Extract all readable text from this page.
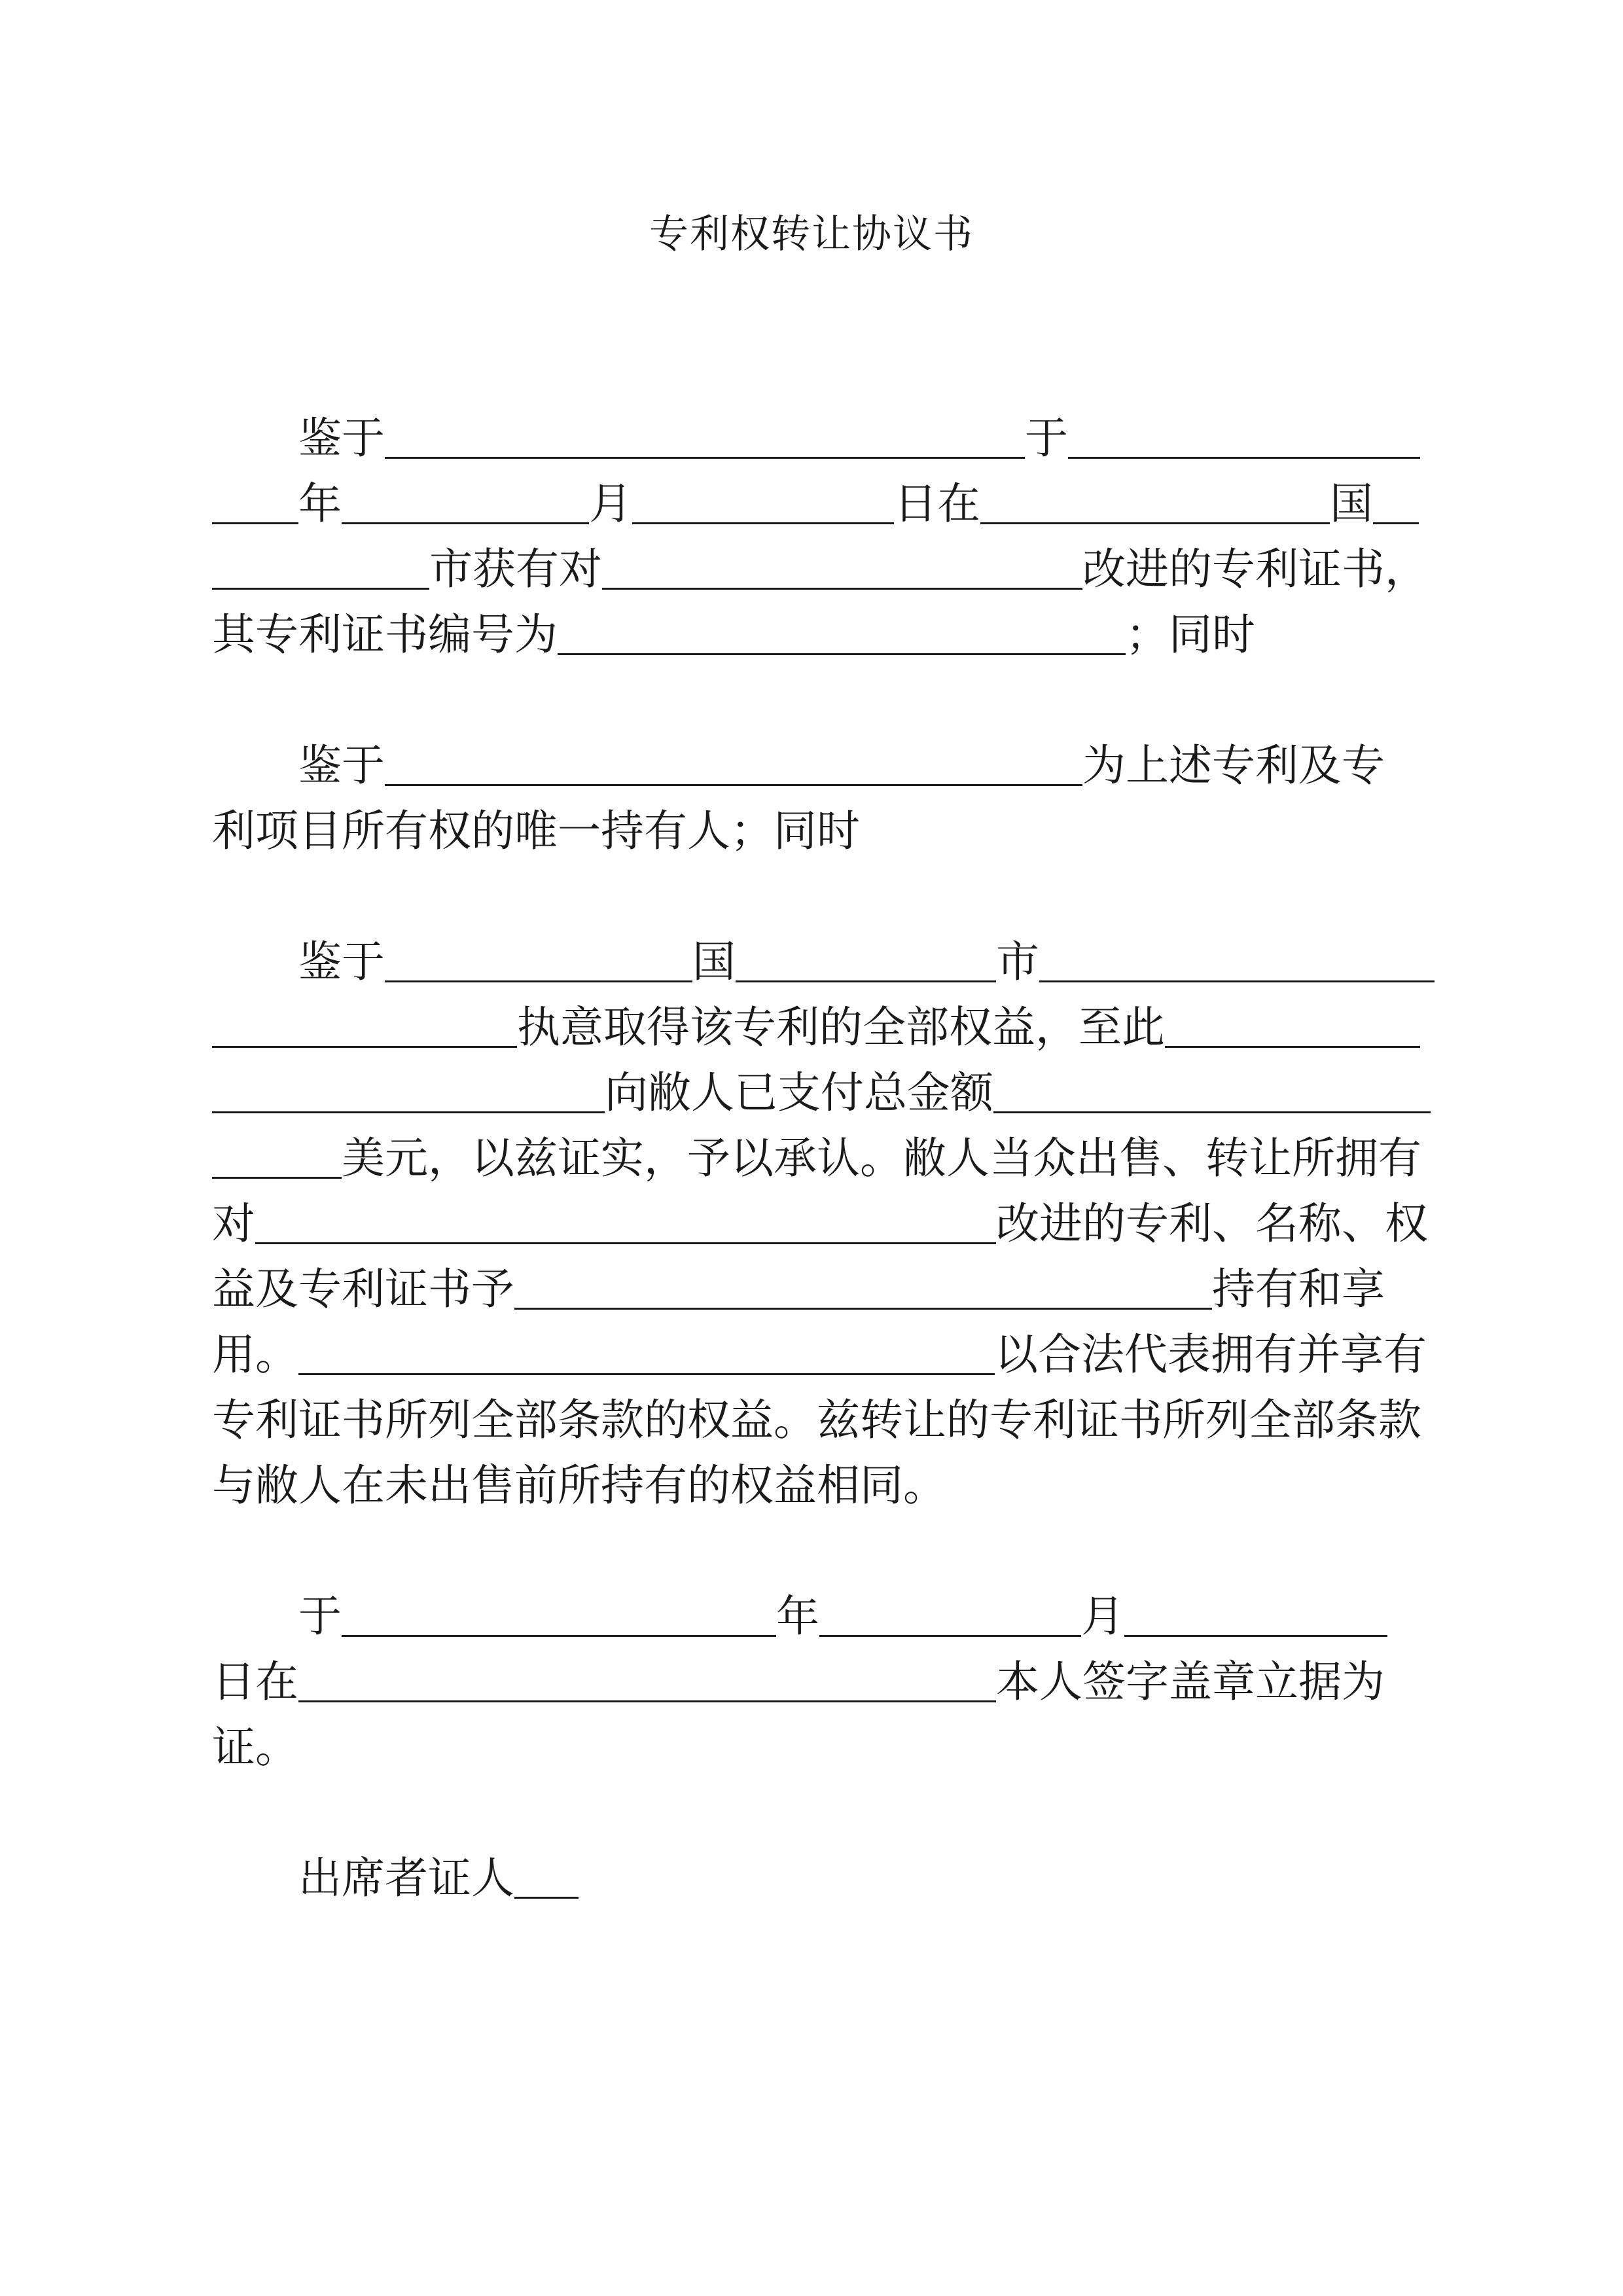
专利权转让协议书
鉴于	于
年	月	日在	国
市获有对	改进的专利证书，
其专利证书编号为	；同时
鉴于	为上述专利及专
利项目所有权的唯一持有人；同时
鉴于	国	市
执意取得该专利的全部权益，至此
向敝人已支付总金额
美元，以兹证实，予以承认。敝人当众出售、转让所拥有
对	改进的专利、名称、权
益及专利证书予	持有和享
用。	以合法代表拥有并享有
专利证书所列全部条款的权益。兹转让的专利证书所列全部条款
与敝人在未出售前所持有的权益相同。
于	年	月
日在	本人签字盖章立据为
证。
出席者证人
